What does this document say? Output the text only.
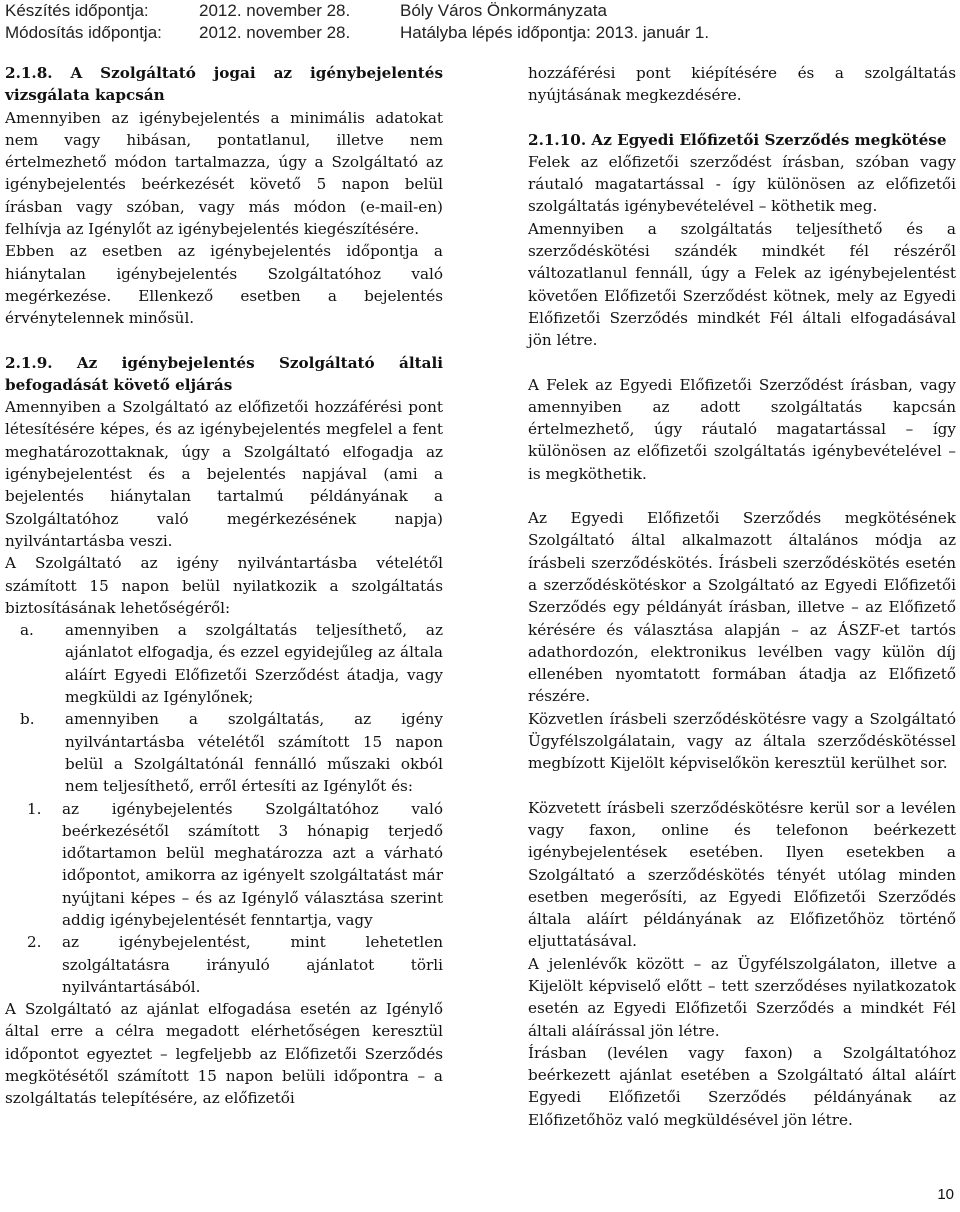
Készítés időpontja:	2012. november 28.	Bóly Város Önkormányzata
Módosítás időpontja:	2012. november 28.	Hatályba lépés időpontja: 2013. január 1.

2.1.8. A Szolgáltató jogai az igénybejelentés vizsgálata kapcsán

Amennyiben az igénybejelentés a minimális adatokat nem vagy hibásan, pontatlanul, illetve nem értelmezhető módon tartalmazza, úgy a Szolgáltató az igénybejelentés beérkezését követő 5 napon belül írásban vagy szóban, vagy más módon (e-mail-en) felhívja az Igénylőt az igénybejelentés kiegészítésére.

Ebben az esetben az igénybejelentés időpontja a hiánytalan igénybejelentés Szolgáltatóhoz való megérkezése. Ellenkező esetben a bejelentés érvénytelennek minősül.

2.1.9. Az igénybejelentés Szolgáltató általi befogadását követő eljárás

Amennyiben a Szolgáltató az előfizetői hozzáférési pont létesítésére képes, és az igénybejelentés megfelel a fent meghatározottaknak, úgy a Szolgáltató elfogadja az igénybejelentést és a bejelentés napjával (ami a bejelentés hiánytalan tartalmú példányának a Szolgáltatóhoz való megérkezésének napja) nyilvántartásba veszi.

A Szolgáltató az igény nyilvántartásba vételétől számított 15 napon belül nyilatkozik a szolgáltatás biztosításának lehetőségéről:

a.	amennyiben a szolgáltatás teljesíthető, az ajánlatot elfogadja, és ezzel egyidejűleg az általa aláírt Egyedi Előfizetői Szerződést átadja, vagy megküldi az Igénylőnek;
b.	amennyiben a szolgáltatás, az igény nyilvántartásba vételétől számított 15 napon belül a Szolgáltatónál fennálló műszaki okból nem teljesíthető, erről értesíti az Igénylőt és:
1.	az igénybejelentés Szolgáltatóhoz való beérkezésétől számított 3 hónapig terjedő időtartamon belül meghatározza azt a várható időpontot, amikorra az igényelt szolgáltatást már nyújtani képes – és az Igénylő választása szerint addig igénybejelentését fenntartja, vagy
2.	az igénybejelentést, mint lehetetlen szolgáltatásra irányuló ajánlatot törli nyilvántartásából.

A Szolgáltató az ajánlat elfogadása esetén az Igénylő által erre a célra megadott elérhetőségen keresztül időpontot egyeztet – legfeljebb az Előfizetői Szerződés megkötésétől számított 15 napon belüli időpontra – a szolgáltatás telepítésére, az előfizetői

hozzáférési pont kiépítésére és a szolgáltatás nyújtásának megkezdésére.

2.1.10. Az Egyedi Előfizetői Szerződés megkötése

Felek az előfizetői szerződést írásban, szóban vagy ráutaló magatartással - így különösen az előfizetői szolgáltatás igénybevételével – köthetik meg.

Amennyiben a szolgáltatás teljesíthető és a szerződéskötési szándék mindkét fél részéről változatlanul fennáll, úgy a Felek az igénybejelentést követően Előfizetői Szerződést kötnek, mely az Egyedi Előfizetői Szerződés mindkét Fél általi elfogadásával jön létre.

A Felek az Egyedi Előfizetői Szerződést írásban, vagy amennyiben az adott szolgáltatás kapcsán értelmezhető, úgy ráutaló magatartással – így különösen az előfizetői szolgáltatás igénybevételével – is megköthetik.

Az Egyedi Előfizetői Szerződés megkötésének Szolgáltató által alkalmazott általános módja az írásbeli szerződéskötés. Írásbeli szerződéskötés esetén a szerződéskötéskor a Szolgáltató az Egyedi Előfizetői Szerződés egy példányát írásban, illetve – az Előfizető kérésére és választása alapján – az ÁSZF-et tartós adathordozón, elektronikus levélben vagy külön díj ellenében nyomtatott formában átadja az Előfizető részére.

Közvetlen írásbeli szerződéskötésre vagy a Szolgáltató Ügyfélszolgálatain, vagy az általa szerződéskötéssel megbízott Kijelölt képviselőkön keresztül kerülhet sor.

Közvetett írásbeli szerződéskötésre kerül sor a levélen vagy faxon, online és telefonon beérkezett igénybejelentések esetében. Ilyen esetekben a Szolgáltató a szerződéskötés tényét utólag minden esetben megerősíti, az Egyedi Előfizetői Szerződés általa aláírt példányának az Előfizetőhöz történő eljuttatásával.

A jelenlévők között – az Ügyfélszolgálaton, illetve a Kijelölt képviselő előtt – tett szerződéses nyilatkozatok esetén az Egyedi Előfizetői Szerződés a mindkét Fél általi aláírással jön létre.

Írásban (levélen vagy faxon) a Szolgáltatóhoz beérkezett ajánlat esetében a Szolgáltató által aláírt Egyedi Előfizetői Szerződés példányának az Előfizetőhöz való megküldésével jön létre.

10
